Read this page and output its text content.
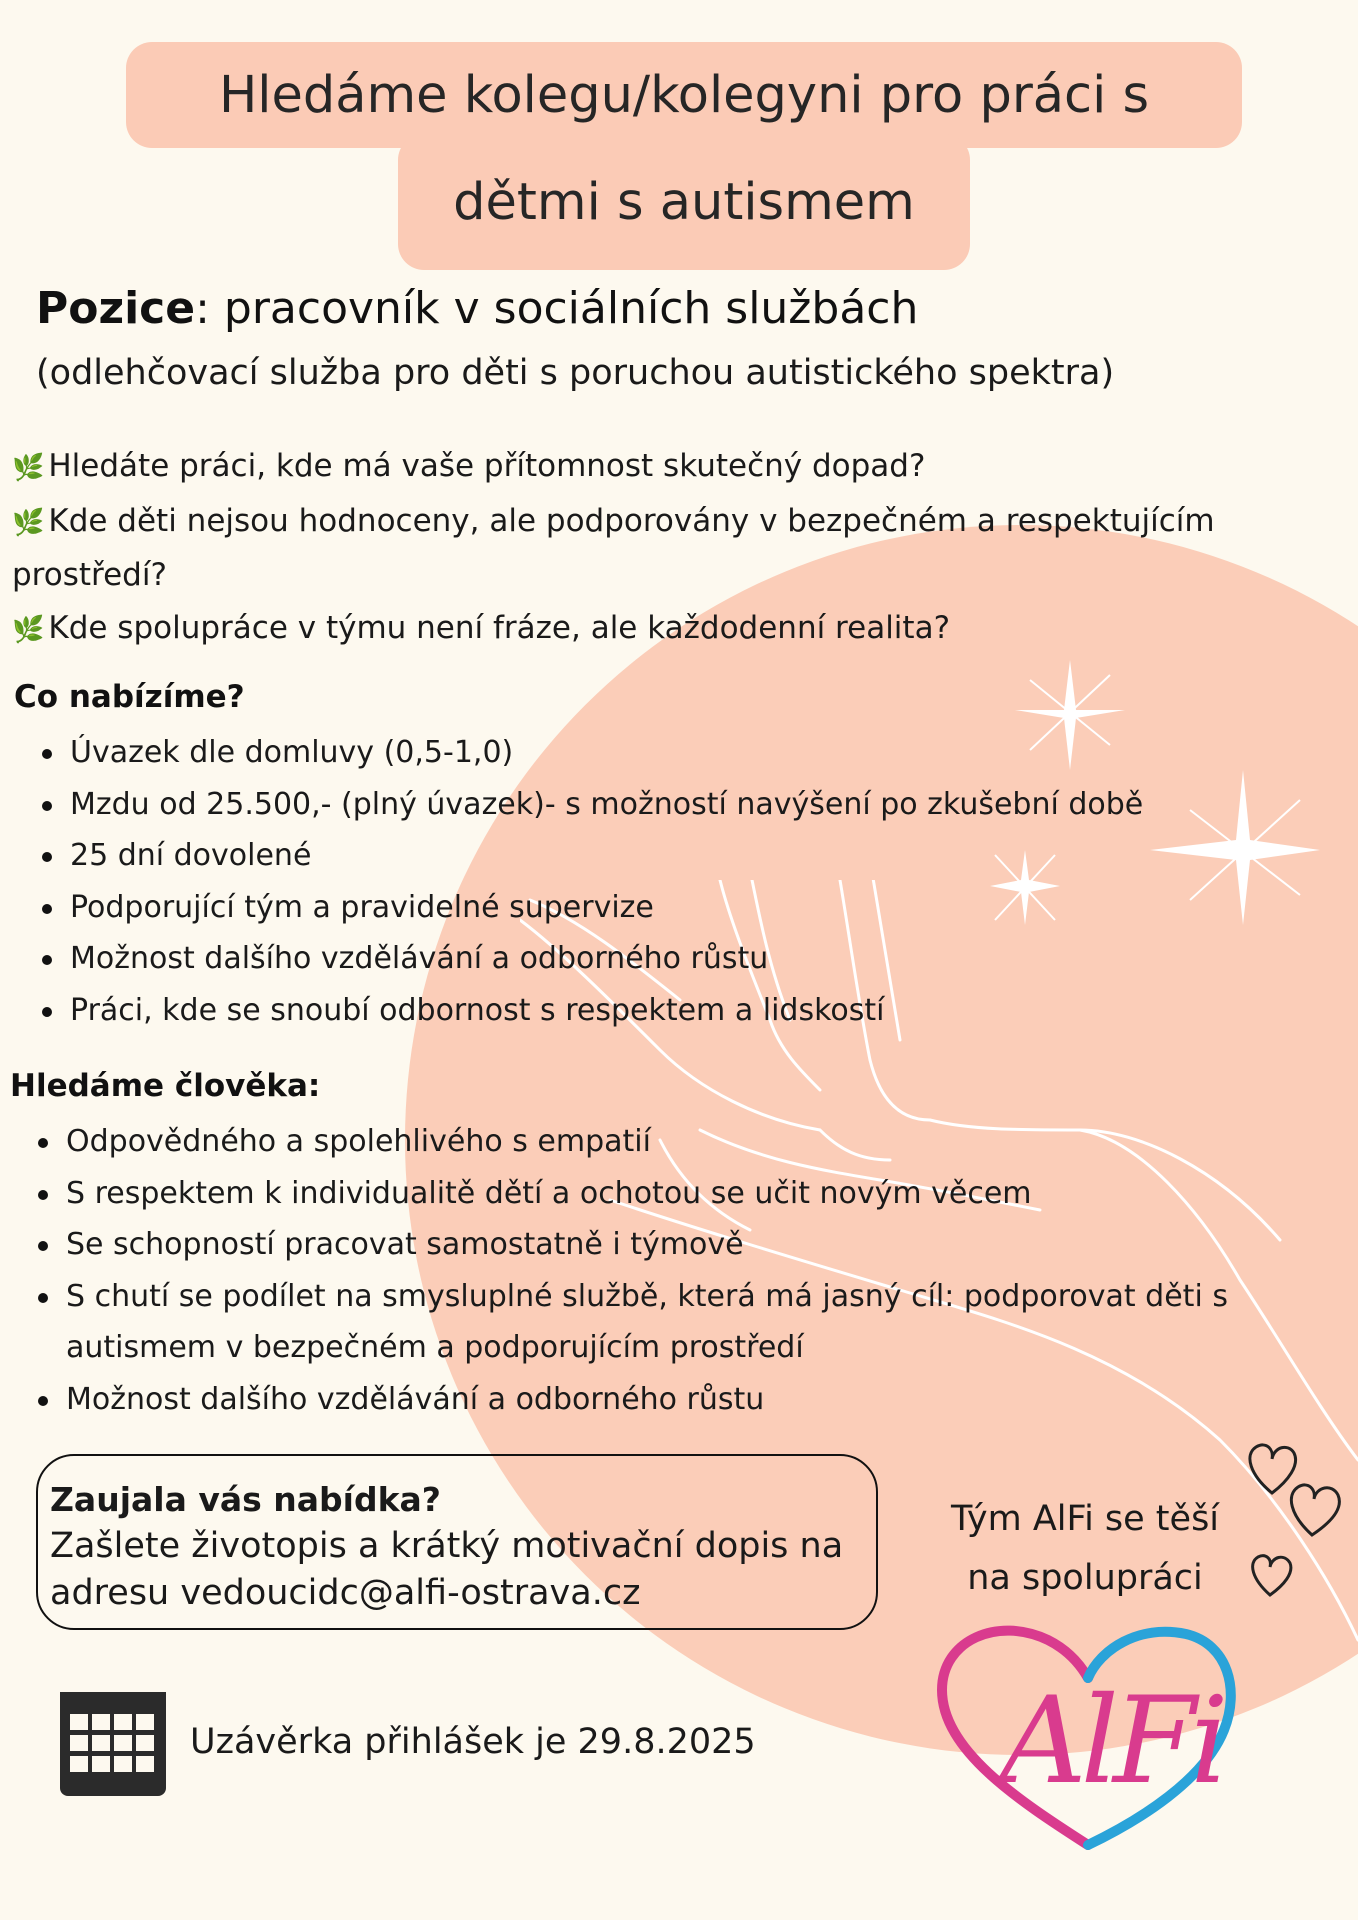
Hledáme kolegu/kolegyni pro práci s
dětmi s autismem
Pozice: pracovník v sociálních službách
(odlehčovací služba pro děti s poruchou autistického spektra)

🌿 Hledáte práci, kde má vaše přítomnost skutečný dopad?

🌿 Kde děti nejsou hodnoceny, ale podporovány v bezpečném a respektujícím prostředí?

🌿 Kde spolupráce v týmu není fráze, ale každodenní realita?

Co nabízíme?
Úvazek dle domluvy (0,5-1,0)
Mzdu od 25.500,- (plný úvazek)- s možností navýšení po zkušební době
25 dní dovolené
Podporující tým a pravidelné supervize
Možnost dalšího vzdělávání a odborného růstu
Práci, kde se snoubí odbornost s respektem a lidskostí
Hledáme člověka:
Odpovědného a spolehlivého s empatií
S respektem k individualitě dětí a ochotou se učit novým věcem
Se schopností pracovat samostatně i týmově
S chutí se podílet na smysluplné službě, která má jasný cíl: podporovat děti s autismem v bezpečném a podporujícím prostředí
Možnost dalšího vzdělávání a odborného růstu
Zaujala vás nabídka?
Zašlete životopis a krátký motivační dopis na
adresu vedoucidc@alfi-ostrava.cz
Tým AlFi se těší
na spolupráci
Uzávěrka přihlášek je 29.8.2025 AlFi
